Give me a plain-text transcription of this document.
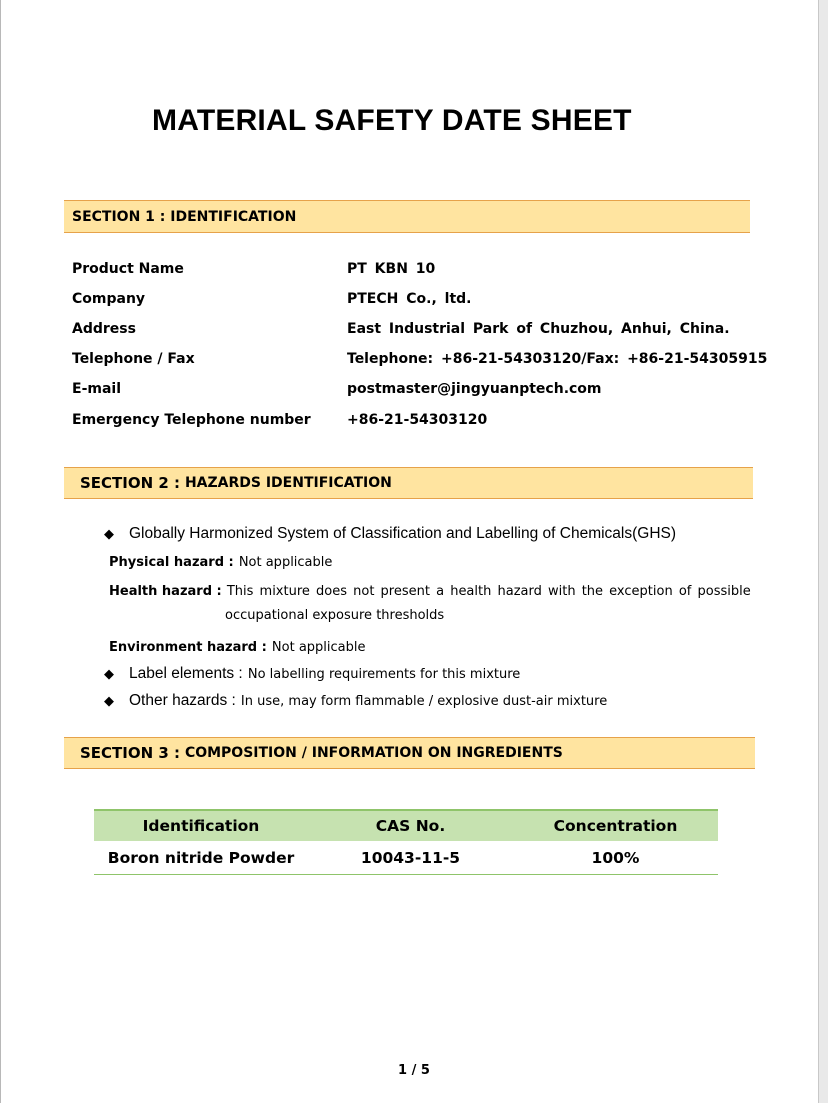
MATERIAL SAFETY DATE SHEET
SECTION 1 :
IDENTIFICATION
Product Name	PT KBN 10
Company	PTECH Co., ltd.
Address	East Industrial Park of Chuzhou, Anhui, China.
Telephone / Fax	Telephone: +86-21-54303120/Fax: +86-21-54305915
E-mail	postmaster@jingyuanptech.com
Emergency Telephone number	+86-21-54303120
SECTION 2 :
HAZARDS IDENTIFICATION
◆ Globally Harmonized System of Classification and Labelling of Chemicals(GHS)
Physical hazard : Not applicable
Health hazard : This mixture does not present a health hazard with the exception of possible
occupational exposure thresholds
Environment hazard : Not applicable
◆ Label elements :
No labelling requirements for this mixture
◆ Other hazards :
In use, may form flammable / explosive dust-air mixture
SECTION 3 :
COMPOSITION / INFORMATION ON INGREDIENTS
Identification	CAS No.	Concentration
Boron nitride Powder	10043-11-5	100%
1 / 5
